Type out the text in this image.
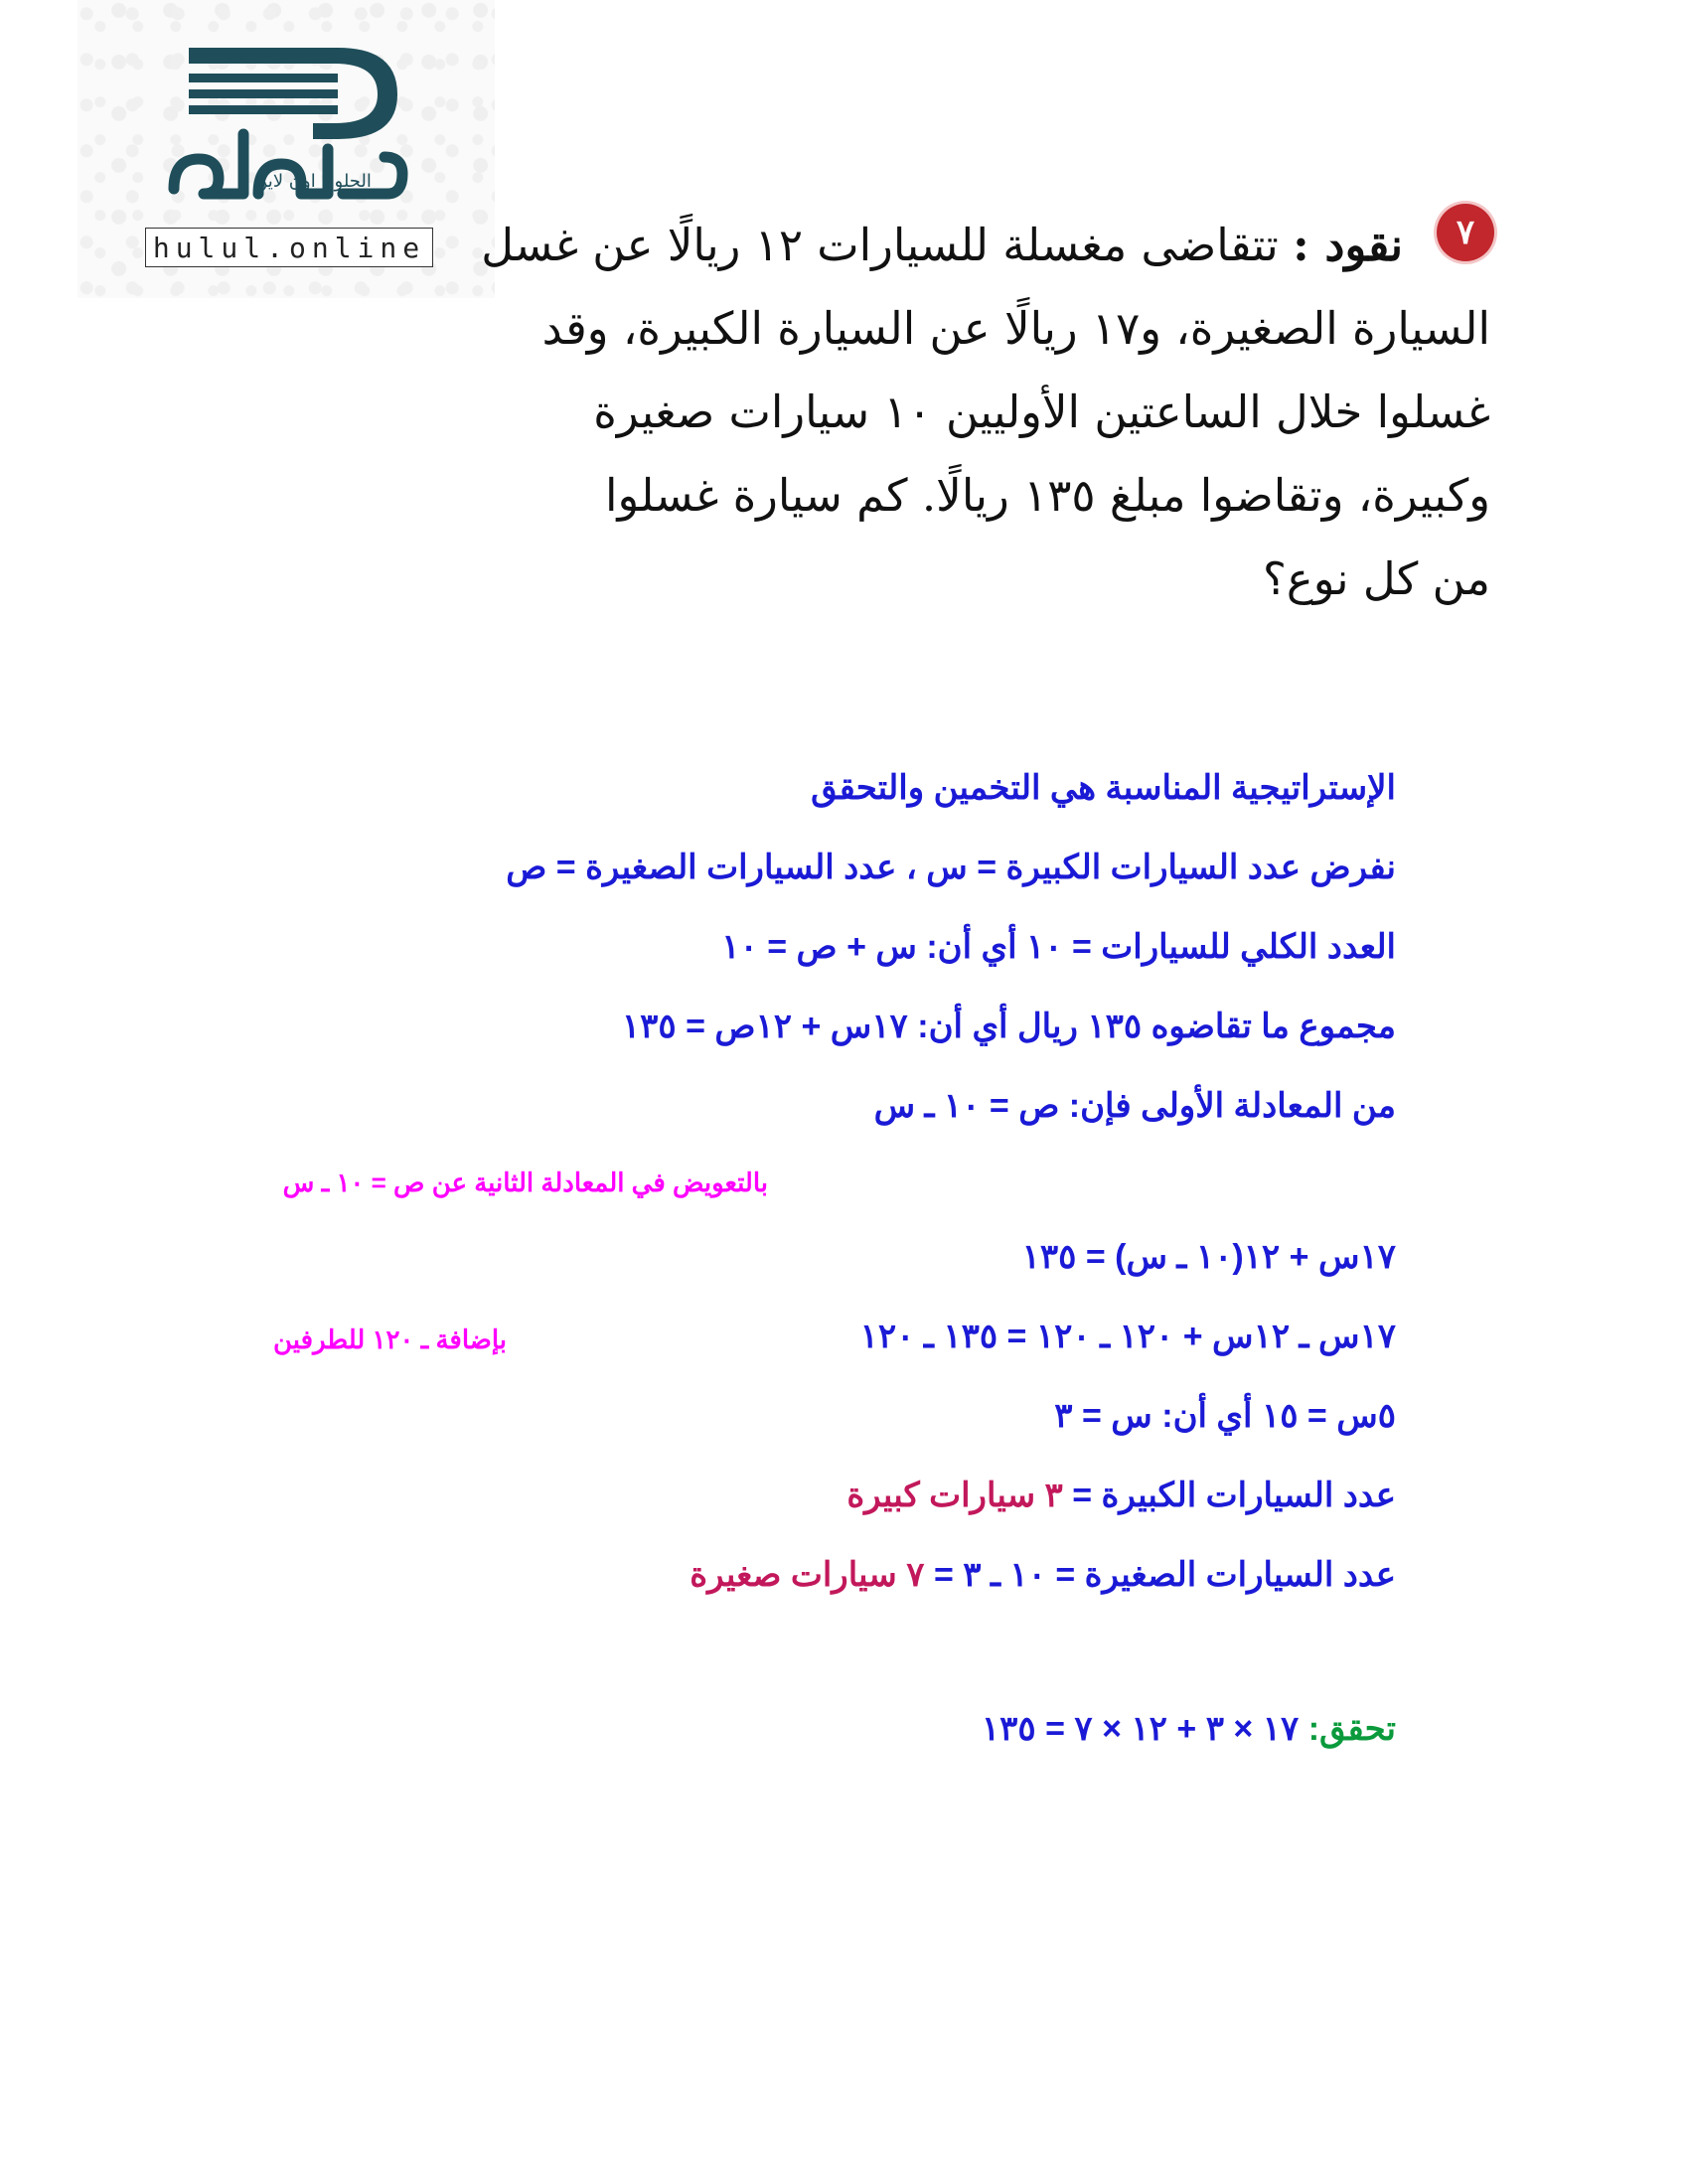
الحلول اون لاين
hulul.online	٧

نقود : تتقاضى مغسلة للسيارات ١٢ ريالًا عن غسل
السيارة الصغيرة، و١٧ ريالًا عن السيارة الكبيرة، وقد
غسلوا خلال الساعتين الأوليين ١٠ سيارات صغيرة
وكبيرة، وتقاضوا مبلغ ١٣٥ ريالًا. كم سيارة غسلوا
من كل نوع؟

الإستراتيجية المناسبة هي التخمين والتحقق
نفرض عدد السيارات الكبيرة = س ، عدد السيارات الصغيرة = ص
العدد الكلي للسيارات = ١٠ أي أن: س + ص = ١٠
مجموع ما تقاضوه ١٣٥ ريال أي أن: ١٧س + ١٢ص = ١٣٥
من المعادلة الأولى فإن: ص = ١٠ ـ س
بالتعويض في المعادلة الثانية عن ص = ١٠ ـ س
١٧س + ١٢(١٠ ـ س) = ١٣٥
١٧س ـ ١٢س + ١٢٠ ـ ١٢٠ = ١٣٥ ـ ١٢٠
بإضافة ـ ١٢٠ للطرفين
٥س = ١٥ أي أن: س = ٣
عدد السيارات الكبيرة = ٣ سيارات كبيرة
عدد السيارات الصغيرة = ١٠ ـ ٣ = ٧ سيارات صغيرة
تحقق: ١٧ × ٣ + ١٢ × ٧ = ١٣٥
